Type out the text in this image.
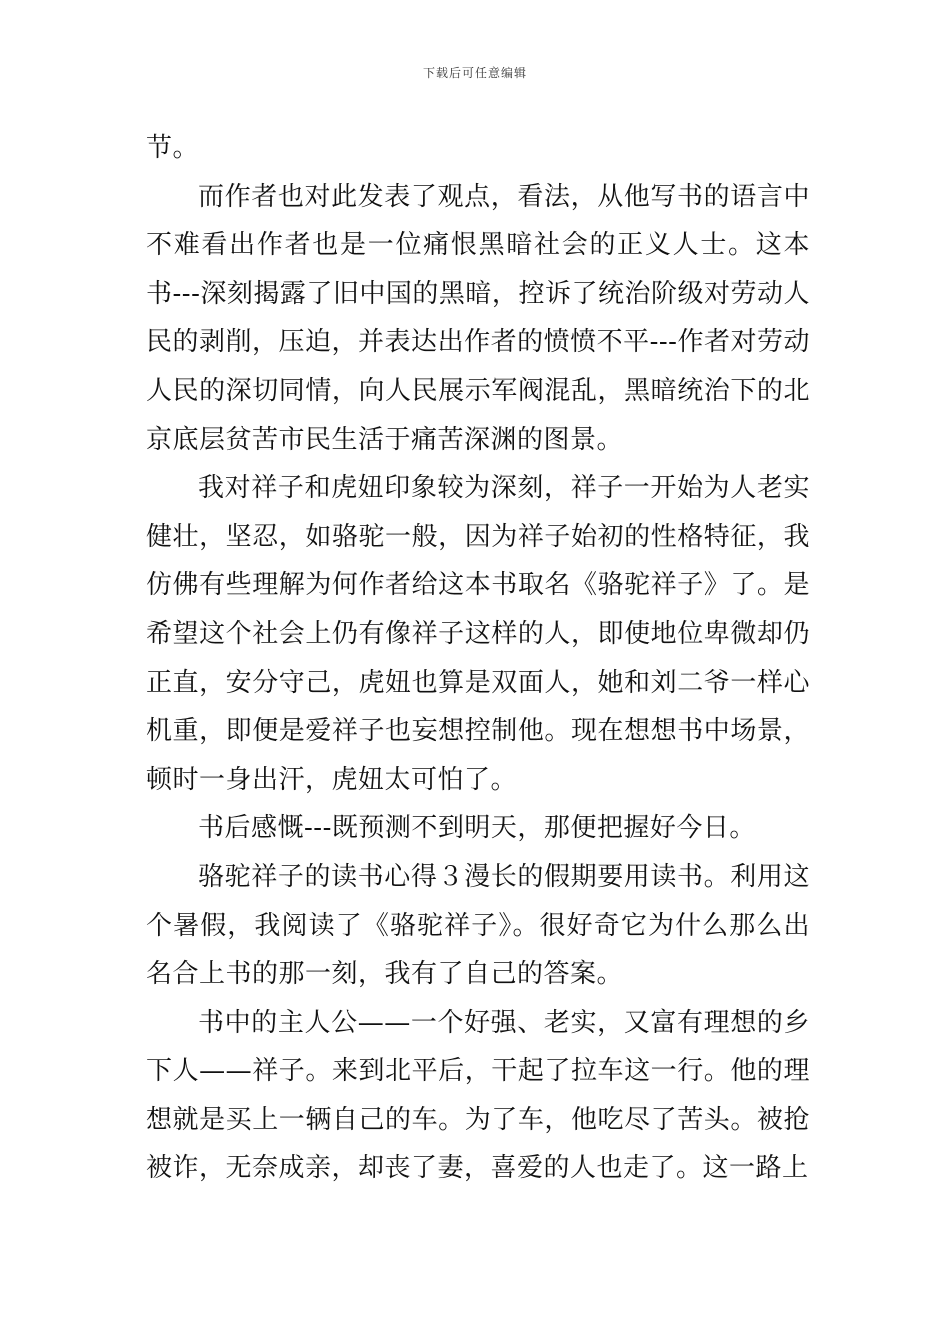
下载后可任意编辑

节。

而作者也对此发表了观点，看法，从他写书的语言中不难看出作者也是一位痛恨黑暗社会的正义人士。这本书---深刻揭露了旧中国的黑暗，控诉了统治阶级对劳动人民的剥削，压迫，并表达出作者的愤愤不平---作者对劳动人民的深切同情，向人民展示军阀混乱，黑暗统治下的北京底层贫苦市民生活于痛苦深渊的图景。

我对祥子和虎妞印象较为深刻，祥子一开始为人老实健壮，坚忍，如骆驼一般，因为祥子始初的性格特征，我仿佛有些理解为何作者给这本书取名《骆驼祥子》了。是希望这个社会上仍有像祥子这样的人，即使地位卑微却仍正直，安分守己，虎妞也算是双面人，她和刘二爷一样心机重，即便是爱祥子也妄想控制他。现在想想书中场景，顿时一身出汗，虎妞太可怕了。

书后感慨---既预测不到明天，那便把握好今日。

骆驼祥子的读书心得３漫长的假期要用读书。利用这个暑假，我阅读了《骆驼祥子》。很好奇它为什么那么出名合上书的那一刻，我有了自己的答案。

书中的主人公——一个好强、老实，又富有理想的乡下人——祥子。来到北平后，干起了拉车这一行。他的理想就是买上一辆自己的车。为了车，他吃尽了苦头。被抢被诈，无奈成亲，却丧了妻，喜爱的人也走了。这一路上
